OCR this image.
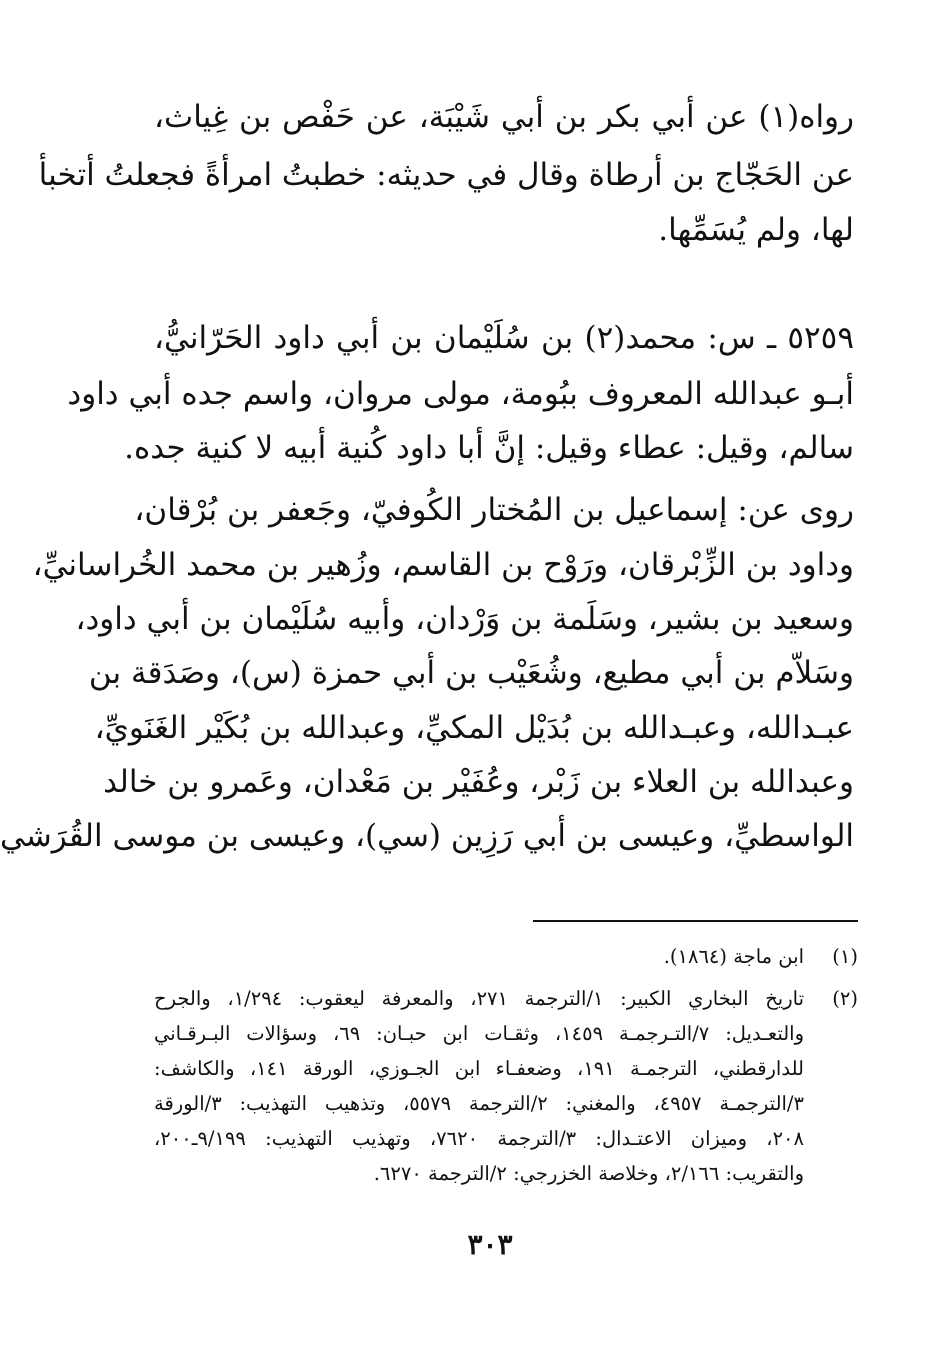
رواه(١) عن أبي بكر بن أبي شَيْبَة، عن حَفْص بن غِياث،
عن الحَجّاج بن أرطاة وقال في حديثه: خطبتُ امرأةً فجعلتُ أتخبأ
لها، ولم يُسَمِّها.
٥٢٥٩ ـ س: محمد(٢) بن سُلَيْمان بن أبي داود الحَرّانيُّ،
أبـو عبدالله المعروف ببُومة، مولى مروان، واسم جده أبي داود
سالم، وقيل: عطاء وقيل: إنَّ أبا داود كُنية أبيه لا كنية جده.
روى عن: إسماعيل بن المُختار الكُوفيّ، وجَعفر بن بُرْقان،
وداود بن الزِّبْرقان، ورَوْح بن القاسم، وزُهير بن محمد الخُراسانيِّ،
وسعيد بن بشير، وسَلَمة بن وَرْدان، وأبيه سُلَيْمان بن أبي داود،
وسَلاّم بن أبي مطيع، وشُعَيْب بن أبي حمزة (س)، وصَدَقة بن
عبـدالله، وعبـدالله بن بُدَيْل المكيِّ، وعبدالله بن بُكَيْر الغَنَويِّ،
وعبدالله بن العلاء بن زَبْر، وعُفَيْر بن مَعْدان، وعَمرو بن خالد
الواسطيِّ، وعيسى بن أبي رَزِين (سي)، وعيسى بن موسى القُرَشي
(١)
ابن ماجة (١٨٦٤).
(٢)
تاريخ البخاري الكبير: ١/الترجمة ٢٧١، والمعرفة ليعقوب: ١/٢٩٤، والجرح
والتعـديل: ٧/التـرجمـة ١٤٥٩، وثقـات ابن حبـان: ٦٩، وسؤالات البـرقـاني
للدارقطني، الترجمـة ١٩١، وضعفـاء ابن الجـوزي، الورقة ١٤١، والكاشف:
٣/الترجمـة ٤٩٥٧، والمغني: ٢/الترجمة ٥٥٧٩، وتذهيب التهذيب: ٣/الورقة
٢٠٨، وميزان الاعتـدال: ٣/الترجمة ٧٦٢٠، وتهذيب التهذيب: ٩/١٩٩ـ٢٠٠،
والتقريب: ٢/١٦٦، وخلاصة الخزرجي: ٢/الترجمة ٦٢٧٠.
٣٠٣
